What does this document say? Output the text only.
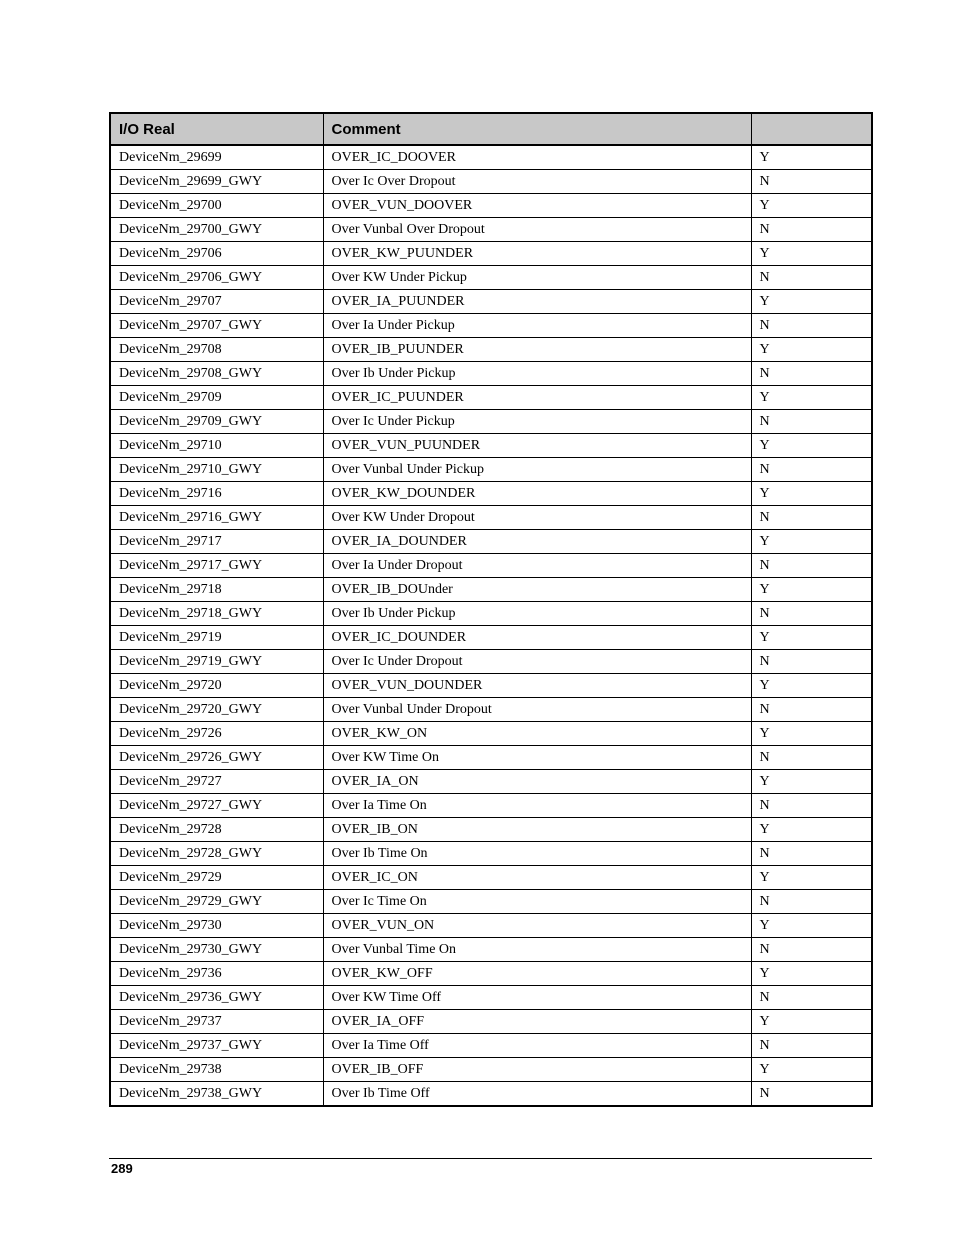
I/O Real	Comment	
DeviceNm_29699	OVER_IC_DOOVER	Y
DeviceNm_29699_GWY	Over Ic Over Dropout	N
DeviceNm_29700	OVER_VUN_DOOVER	Y
DeviceNm_29700_GWY	Over Vunbal Over Dropout	N
DeviceNm_29706	OVER_KW_PUUNDER	Y
DeviceNm_29706_GWY	Over KW Under Pickup	N
DeviceNm_29707	OVER_IA_PUUNDER	Y
DeviceNm_29707_GWY	Over Ia Under Pickup	N
DeviceNm_29708	OVER_IB_PUUNDER	Y
DeviceNm_29708_GWY	Over Ib Under Pickup	N
DeviceNm_29709	OVER_IC_PUUNDER	Y
DeviceNm_29709_GWY	Over Ic Under Pickup	N
DeviceNm_29710	OVER_VUN_PUUNDER	Y
DeviceNm_29710_GWY	Over Vunbal Under Pickup	N
DeviceNm_29716	OVER_KW_DOUNDER	Y
DeviceNm_29716_GWY	Over KW Under Dropout	N
DeviceNm_29717	OVER_IA_DOUNDER	Y
DeviceNm_29717_GWY	Over Ia Under Dropout	N
DeviceNm_29718	OVER_IB_DOUnder	Y
DeviceNm_29718_GWY	Over Ib Under Pickup	N
DeviceNm_29719	OVER_IC_DOUNDER	Y
DeviceNm_29719_GWY	Over Ic Under Dropout	N
DeviceNm_29720	OVER_VUN_DOUNDER	Y
DeviceNm_29720_GWY	Over Vunbal Under Dropout	N
DeviceNm_29726	OVER_KW_ON	Y
DeviceNm_29726_GWY	Over KW Time On	N
DeviceNm_29727	OVER_IA_ON	Y
DeviceNm_29727_GWY	Over Ia Time On	N
DeviceNm_29728	OVER_IB_ON	Y
DeviceNm_29728_GWY	Over Ib Time On	N
DeviceNm_29729	OVER_IC_ON	Y
DeviceNm_29729_GWY	Over Ic Time On	N
DeviceNm_29730	OVER_VUN_ON	Y
DeviceNm_29730_GWY	Over Vunbal Time On	N
DeviceNm_29736	OVER_KW_OFF	Y
DeviceNm_29736_GWY	Over KW Time Off	N
DeviceNm_29737	OVER_IA_OFF	Y
DeviceNm_29737_GWY	Over Ia Time Off	N
DeviceNm_29738	OVER_IB_OFF	Y
DeviceNm_29738_GWY	Over Ib Time Off	N
289
